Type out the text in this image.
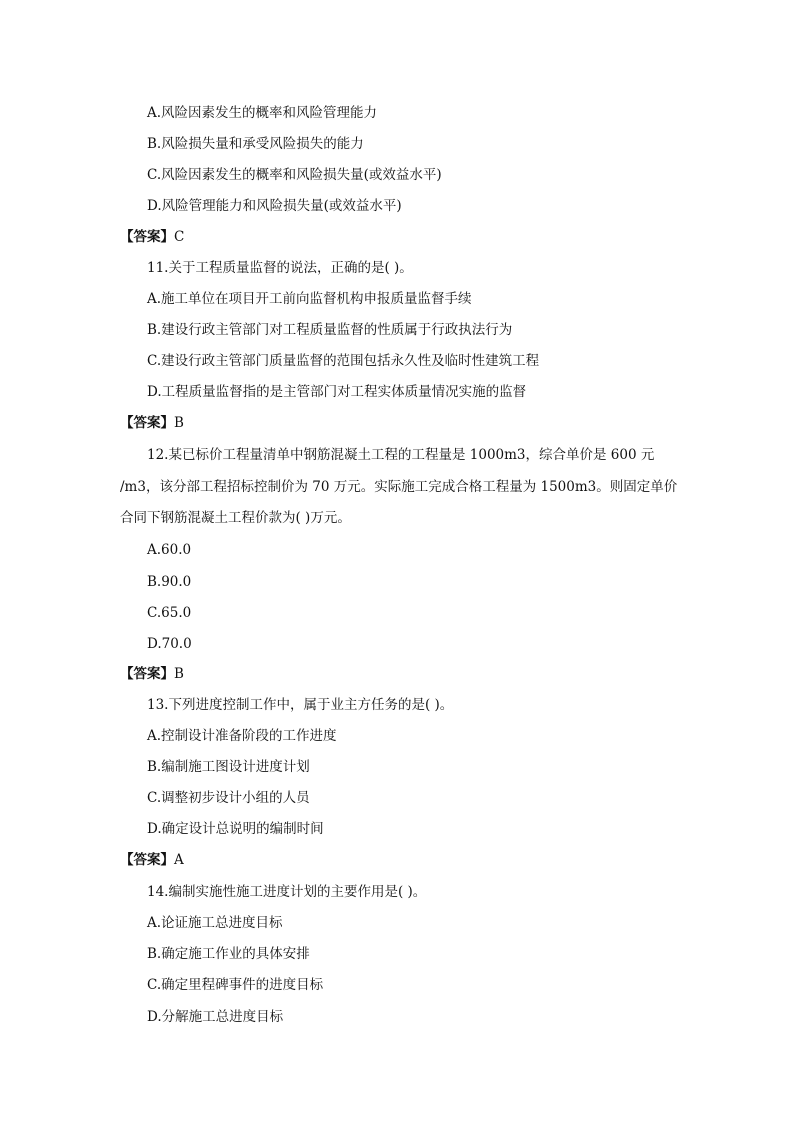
A.风险因素发生的概率和风险管理能力
B.风险损失量和承受风险损失的能力
C.风险因素发生的概率和风险损失量(或效益水平)
D.风险管理能力和风险损失量(或效益水平)
【答案】C
11.关于工程质量监督的说法，正确的是( )。
A.施工单位在项目开工前向监督机构申报质量监督手续
B.建设行政主管部门对工程质量监督的性质属于行政执法行为
C.建设行政主管部门质量监督的范围包括永久性及临时性建筑工程
D.工程质量监督指的是主管部门对工程实体质量情况实施的监督
【答案】B
12.某已标价工程量清单中钢筋混凝土工程的工程量是 1000m3，综合单价是 600 元
/m3，该分部工程招标控制价为 70 万元。实际施工完成合格工程量为 1500m3。则固定单价
合同下钢筋混凝土工程价款为( )万元。
A.60.0
B.90.0
C.65.0
D.70.0
【答案】B
13.下列进度控制工作中，属于业主方任务的是( )。
A.控制设计准备阶段的工作进度
B.编制施工图设计进度计划
C.调整初步设计小组的人员
D.确定设计总说明的编制时间
【答案】A
14.编制实施性施工进度计划的主要作用是( )。
A.论证施工总进度目标
B.确定施工作业的具体安排
C.确定里程碑事件的进度目标
D.分解施工总进度目标
